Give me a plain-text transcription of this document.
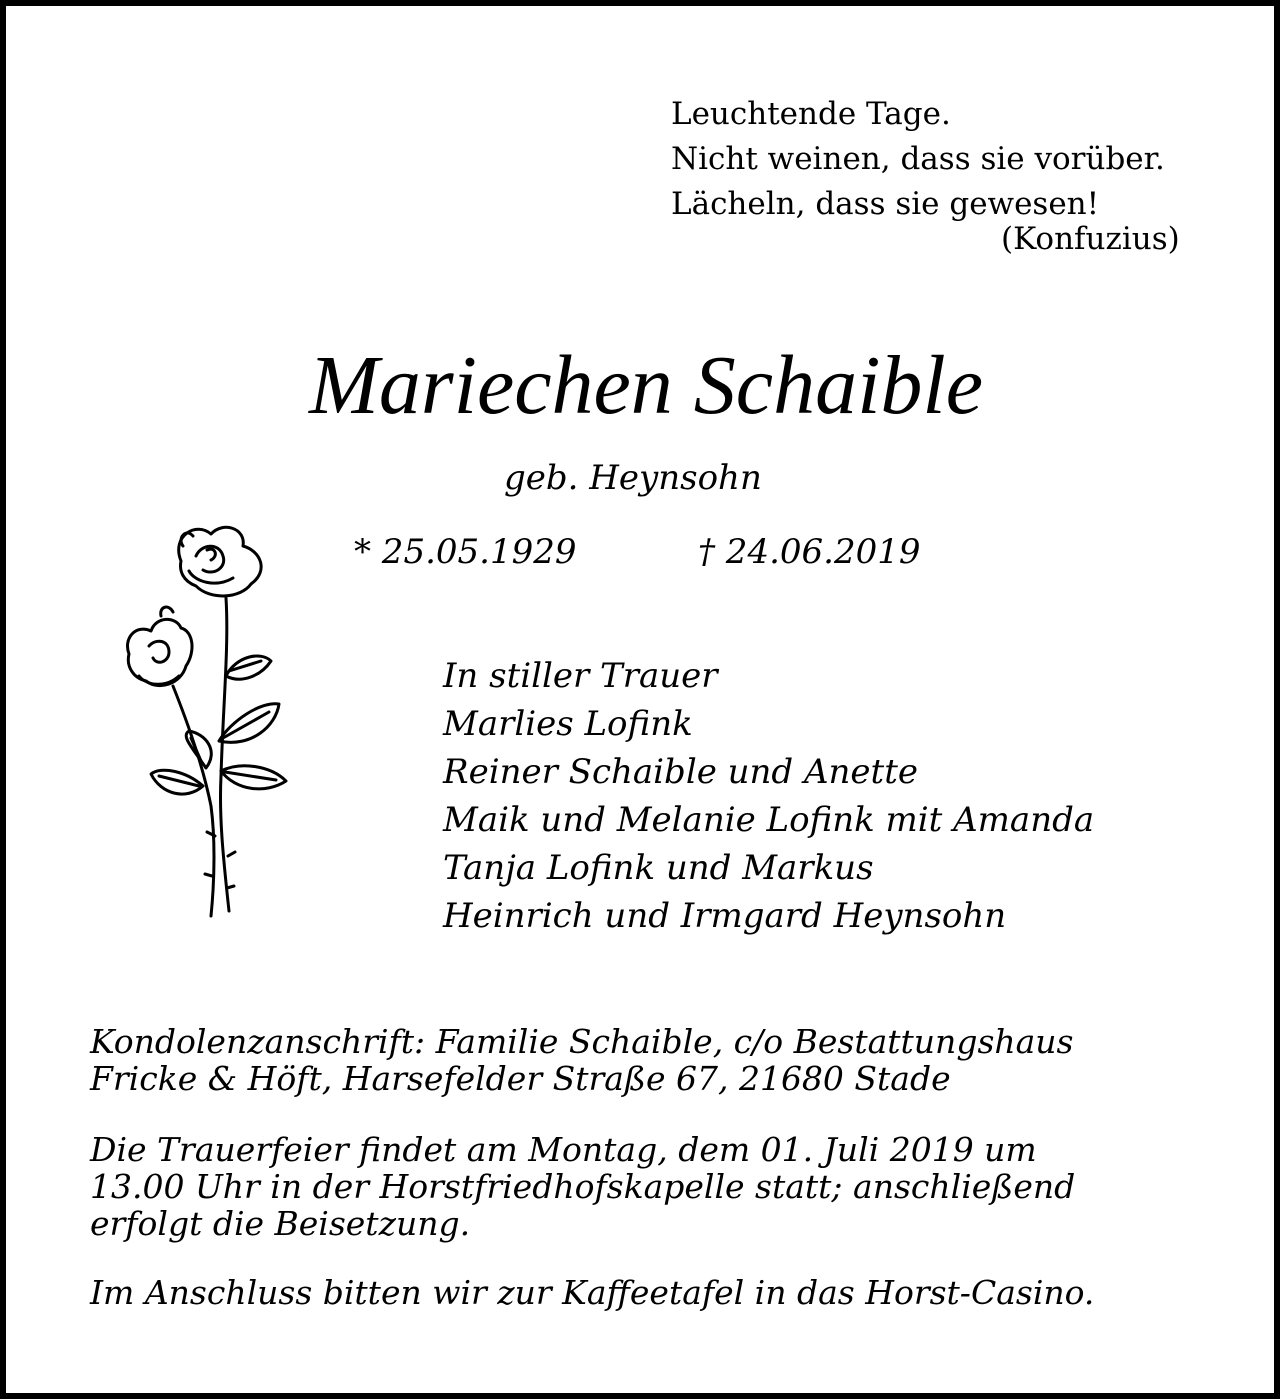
Leuchtende Tage.
Nicht weinen, dass sie vorüber.
Lächeln, dass sie gewesen!
(Konfuzius)
Mariechen Schaible
geb. Heynsohn
* 25.05.1929	† 24.06.2019
In stiller Trauer
Marlies Lofink
Reiner Schaible und Anette
Maik und Melanie Lofink mit Amanda
Tanja Lofink und Markus
Heinrich und Irmgard Heynsohn
Kondolenzanschrift: Familie Schaible, c/o Bestattungshaus
Fricke & Höft, Harsefelder Straße 67, 21680 Stade
Die Trauerfeier findet am Montag, dem 01. Juli 2019 um
13.00 Uhr in der Horstfriedhofskapelle statt; anschließend
erfolgt die Beisetzung.
Im Anschluss bitten wir zur Kaffeetafel in das Horst-Casino.
